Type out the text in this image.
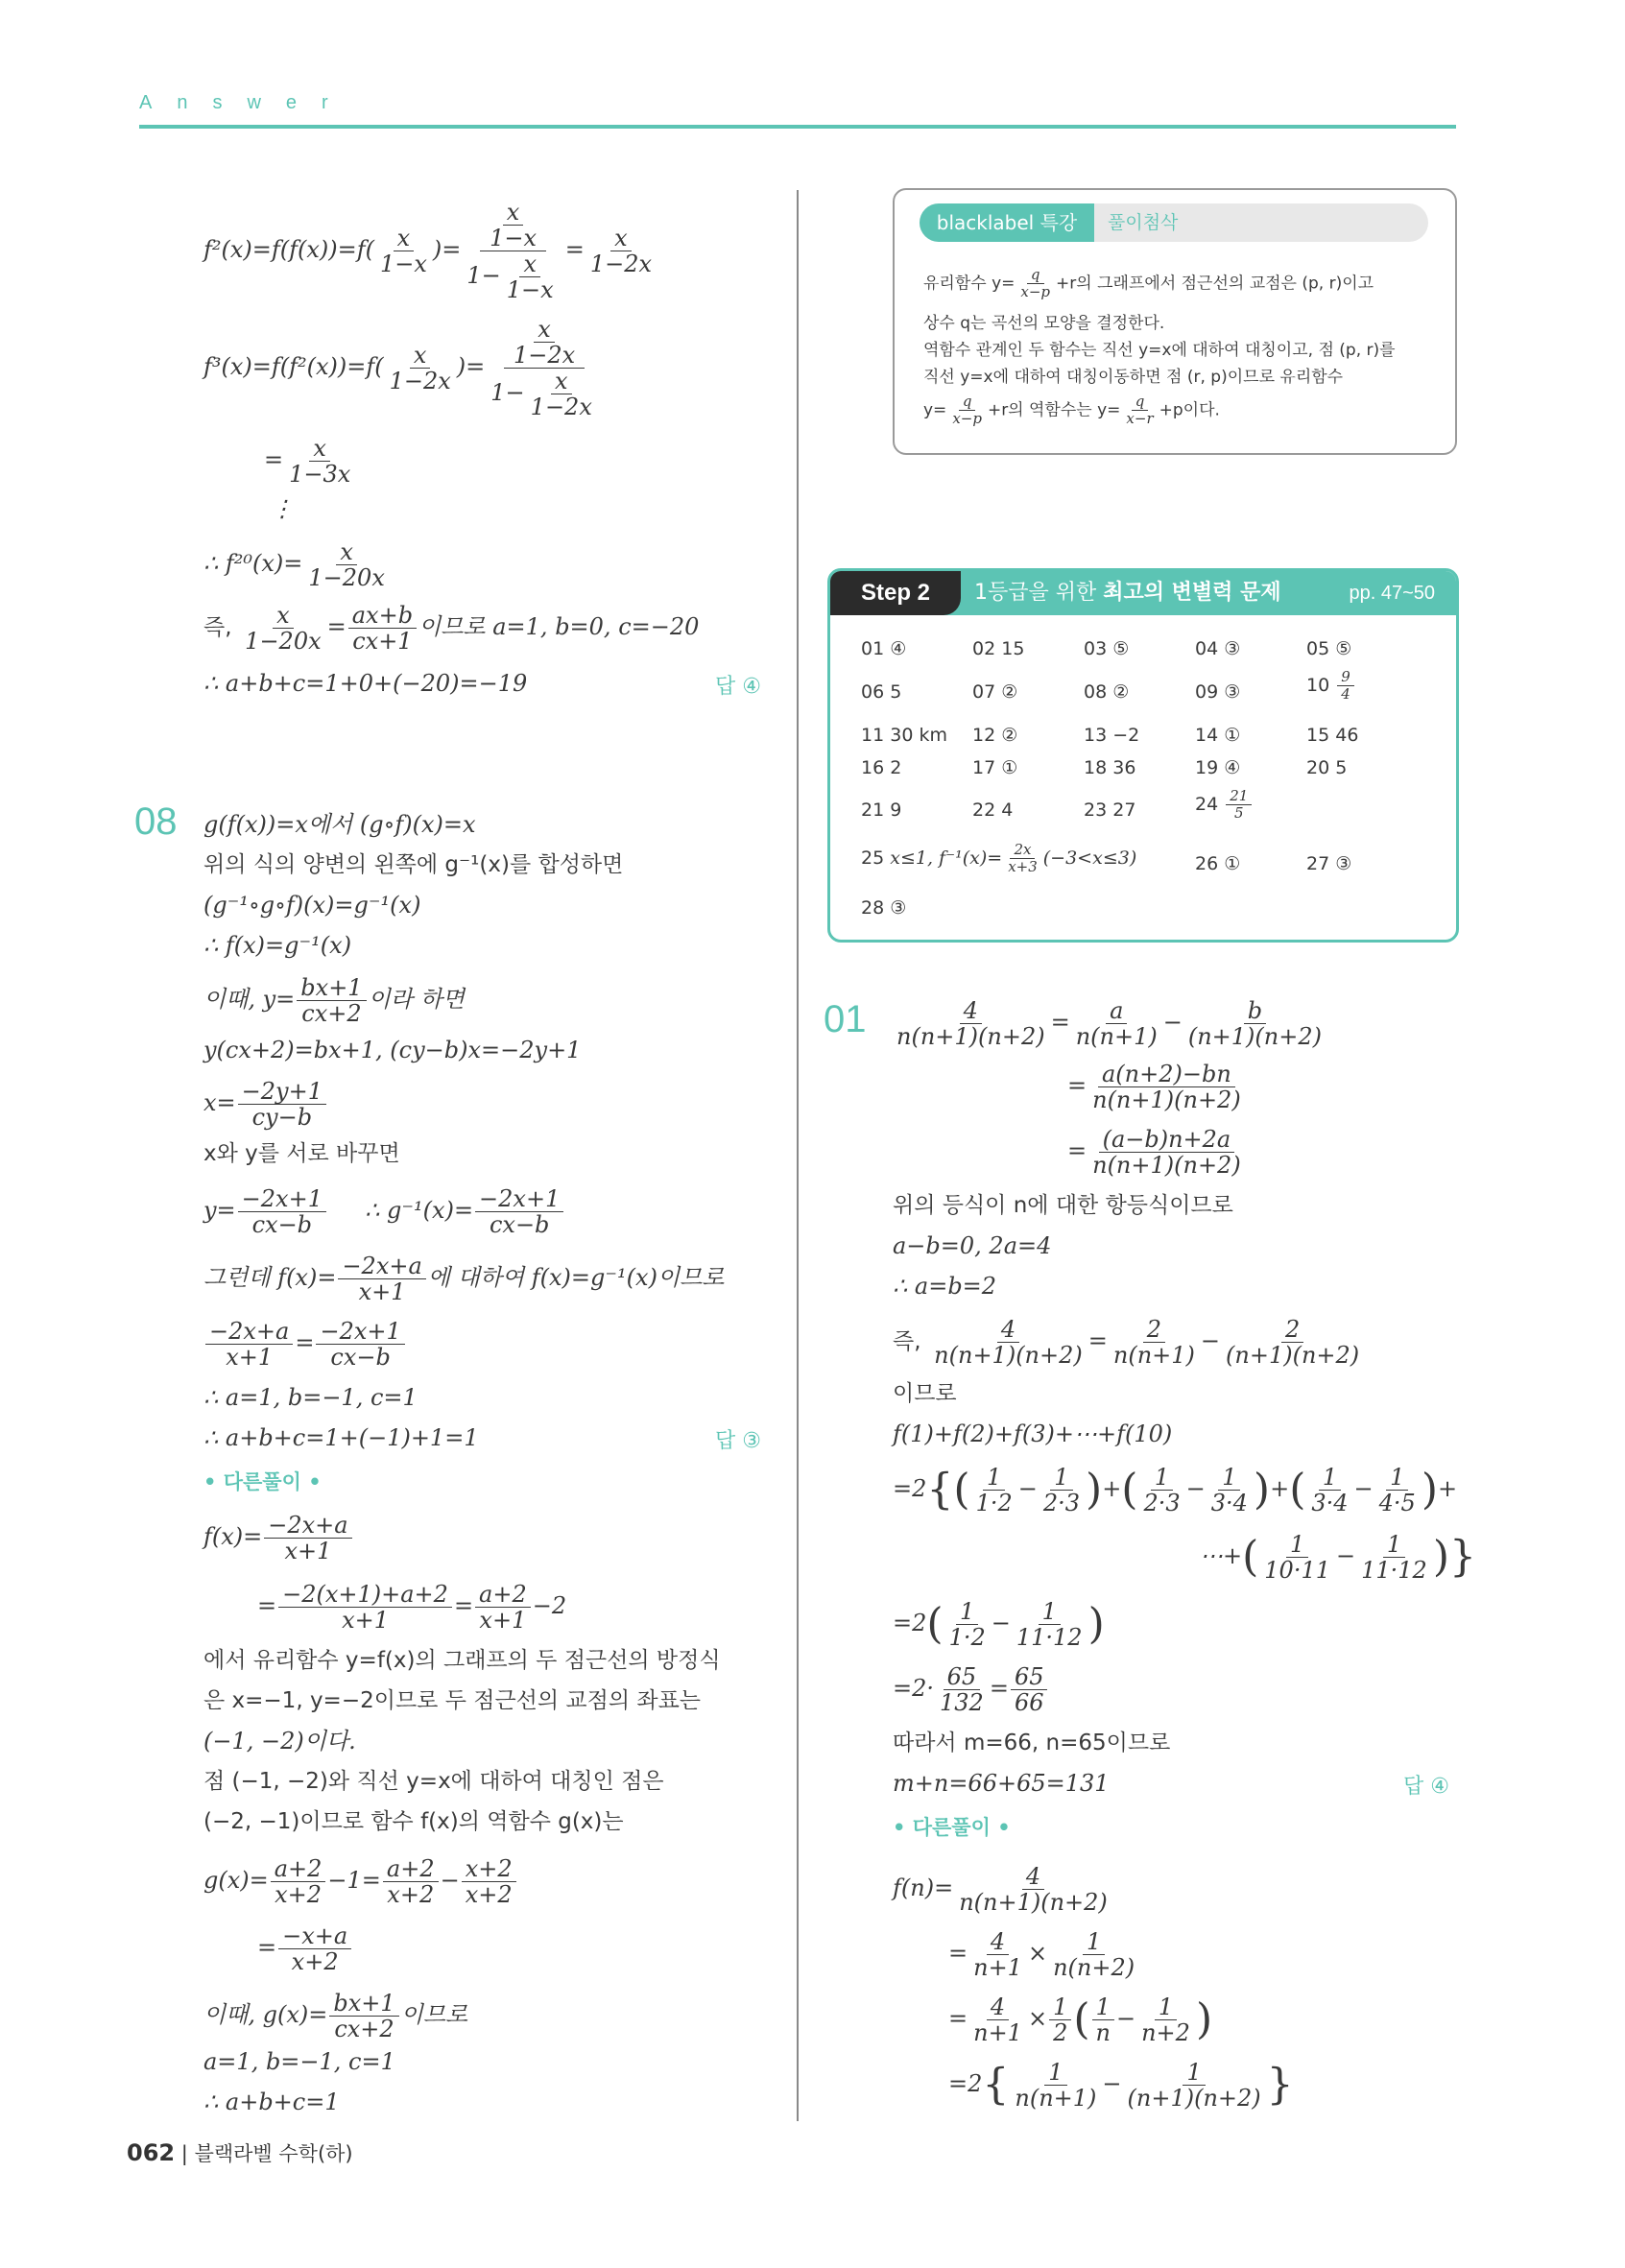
Answer
$f^2(x)=f(f(x))=f( \frac{x}{1-x}$ )= $\frac{\frac{x}{1-x}}{1- \frac{x}{1-x}} = \frac{x}{1-2x}$
$f^3(x)=f(f^2(x))=f( \frac{x}{1-2x}$ )= $\frac{\frac{x}{1-2x}}{1- \frac{x}{1-2x}}$
= $\frac{x}{1-3x}$
⋮
∴ $f^{20}(x)= \frac{x}{1-20x}$
즉, $\frac{x}{1-20x} = \frac{ax+b}{cx+1}$ 이므로 a=1, b=0, c=−20
∴ a+b+c=1+0+(−20)=−19	답 ④
08 g(f(x))=x에서 (g∘f)(x)=x
위의 식의 양변의 왼쪽에 g⁻¹(x)를 합성하면
(g⁻¹∘g∘f)(x)=g⁻¹(x)
∴ f(x)=g⁻¹(x)
이때, $y= \frac{bx+1}{cx+2}$ 이라 하면
y(cx+2)=bx+1, (cy−b)x=−2y+1
$x= \frac{-2y+1}{cy-b}$
x와 y를 서로 바꾸면
$y= \frac{-2x+1}{cx-b}$ ∴ $g^{-1}(x)= \frac{-2x+1}{cx-b}$
그런데 $f(x)= \frac{-2x+a}{x+1}$ 에 대하여 f(x)=g⁻¹(x)이므로
$\frac{-2x+a}{x+1} = \frac{-2x+1}{cx-b}$
∴ a=1, b=−1, c=1
∴ a+b+c=1+(−1)+1=1	답 ③
• 다른풀이 •
$f(x)= \frac{-2x+a}{x+1}$
= $\frac{-2(x+1)+a+2}{x+1} = \frac{a+2}{x+1} -2$
에서 유리함수 y=f(x)의 그래프의 두 점근선의 방정식
은 x=−1, y=−2이므로 두 점근선의 교점의 좌표는
(−1, −2)이다.
점 (−1, −2)와 직선 y=x에 대하여 대칭인 점은
(−2, −1)이므로 함수 f(x)의 역함수 g(x)는
$g(x)= \frac{a+2}{x+2} -1= \frac{a+2}{x+2} - \frac{x+2}{x+2}$
= $\frac{-x+a}{x+2}$
이때, $g(x)= \frac{bx+1}{cx+2}$ 이므로
a=1, b=−1, c=1
∴ a+b+c=1
blacklabel 특강	풀이첨삭
유리함수 $y= \frac{q}{x-p} +r$의 그래프에서 점근선의 교점은 (p, r)이고
상수 q는 곡선의 모양을 결정한다.
역함수 관계인 두 함수는 직선 y=x에 대하여 대칭이고, 점 (p, r)를
직선 y=x에 대하여 대칭이동하면 점 (r, p)이므로 유리함수
$y= \frac{q}{x-p} +r$의 역함수는 $y= \frac{q}{x-r} +p$이다.
Step 2	1등급을 위한 최고의 변별력 문제	pp. 47~50
01 ④	02 15	03 ⑤	04 ③	05 ⑤
06 5	07 ②	08 ②	09 ③	$10 \frac{9}{4}$
11 30 km 12 ②	13 −2	14 ①	15 46
16 2	17 ①	18 36	19 ④	20 5
21 9	22 4	23 27	$24 \frac{21}{5}$
25 x≤1, $f^{-1}(x)= \frac{2x}{x+3} (-3<x\le 3)$	26 ①	27 ③
28 ③
$01 \frac{4}{n(n+1)(n+2)} = \frac{a}{n(n+1)} - \frac{b}{(n+1)(n+2)}$
= $\frac{a(n+2)-bn}{n(n+1)(n+2)}$
= $\frac{(a-b)n+2a}{n(n+1)(n+2)}$
위의 등식이 n에 대한 항등식이므로
a−b=0, 2a=4
∴ a=b=2
즉, $\frac{4}{n(n+1)(n+2)} = \frac{2}{n(n+1)} - \frac{2}{(n+1)(n+2)}$
이므로
f(1)+f(2)+f(3)+⋯+f(10)
$=2\{( \frac{1}{1\cdot 2} - \frac{1}{2\cdot 3}$ )+( $\frac{1}{2\cdot 3} - \frac{1}{3\cdot 4}$ )+( $\frac{1}{3\cdot 4} - \frac{1}{4\cdot 5}$ )+
⋯+( $\frac{1}{10\cdot 11} - \frac{1}{11\cdot 12}$ )}
$=2( \frac{1}{1\cdot 2} - \frac{1}{11\cdot 12}$ )
$=2\cdot \frac{65}{132} = \frac{65}{66}$
따라서 m=66, n=65이므로
m+n=66+65=131	답 ④
• 다른풀이 •
$f(n)= \frac{4}{n(n+1)(n+2)}$
= $\frac{4}{n+1} \times \frac{1}{n(n+2)}$
= $\frac{4}{n+1} \times \frac{1}{2}$ ( $\frac{1}{n} - \frac{1}{n+2}$ )
$=2\{ \frac{1}{n(n+1)} - \frac{1}{(n+1)(n+2)}$ }
062 | 블랙라벨 수학(하)
